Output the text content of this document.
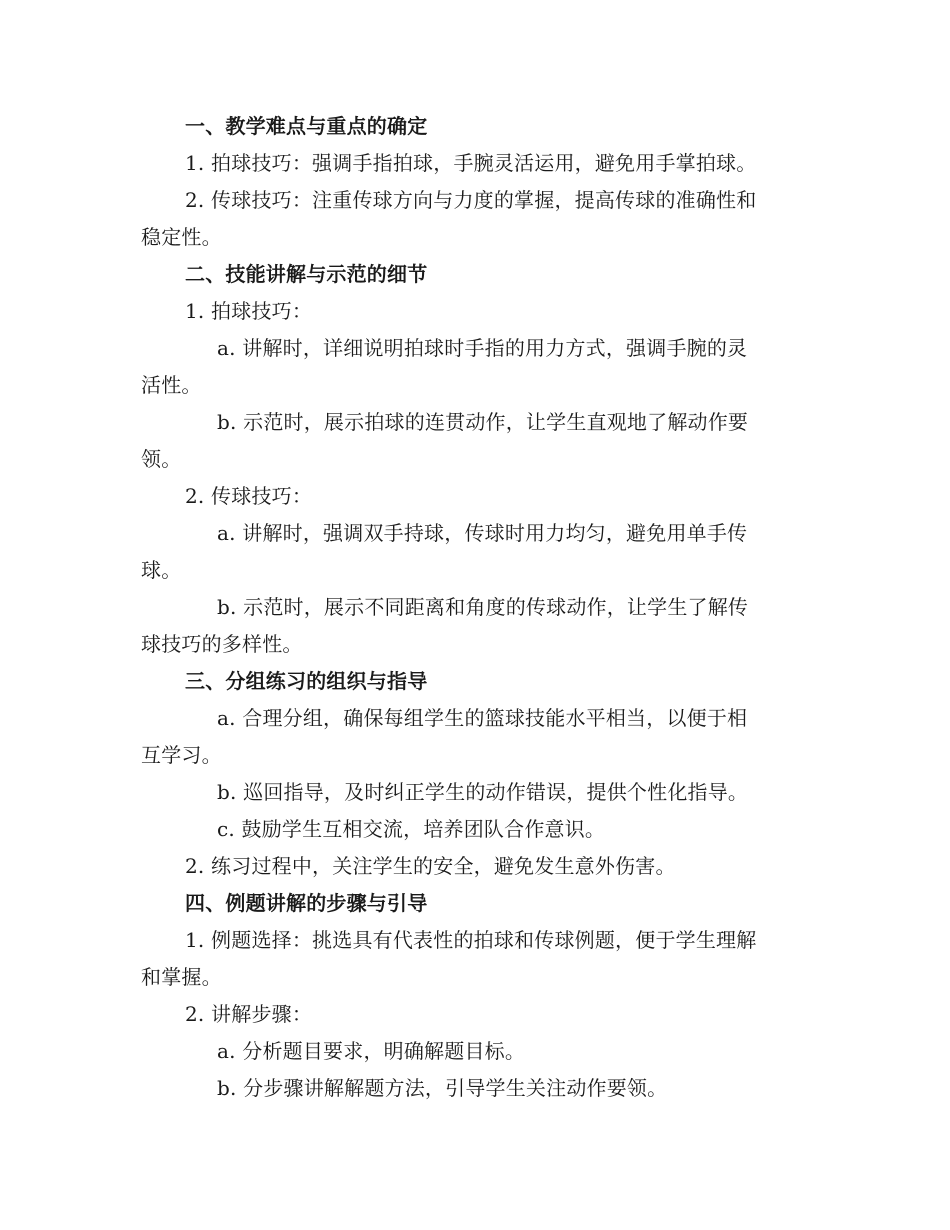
一、教学难点与重点的确定
1. 拍球技巧：强调手指拍球，手腕灵活运用，避免用手掌拍球。
2. 传球技巧：注重传球方向与力度的掌握，提高传球的准确性和
稳定性。
二、技能讲解与示范的细节
1. 拍球技巧：
a. 讲解时，详细说明拍球时手指的用力方式，强调手腕的灵
活性。
b. 示范时，展示拍球的连贯动作，让学生直观地了解动作要
领。
2. 传球技巧：
a. 讲解时，强调双手持球，传球时用力均匀，避免用单手传
球。
b. 示范时，展示不同距离和角度的传球动作，让学生了解传
球技巧的多样性。
三、分组练习的组织与指导
a. 合理分组，确保每组学生的篮球技能水平相当，以便于相
互学习。
b. 巡回指导，及时纠正学生的动作错误，提供个性化指导。
c. 鼓励学生互相交流，培养团队合作意识。
2. 练习过程中，关注学生的安全，避免发生意外伤害。
四、例题讲解的步骤与引导
1. 例题选择：挑选具有代表性的拍球和传球例题，便于学生理解
和掌握。
2. 讲解步骤：
a. 分析题目要求，明确解题目标。
b. 分步骤讲解解题方法，引导学生关注动作要领。
